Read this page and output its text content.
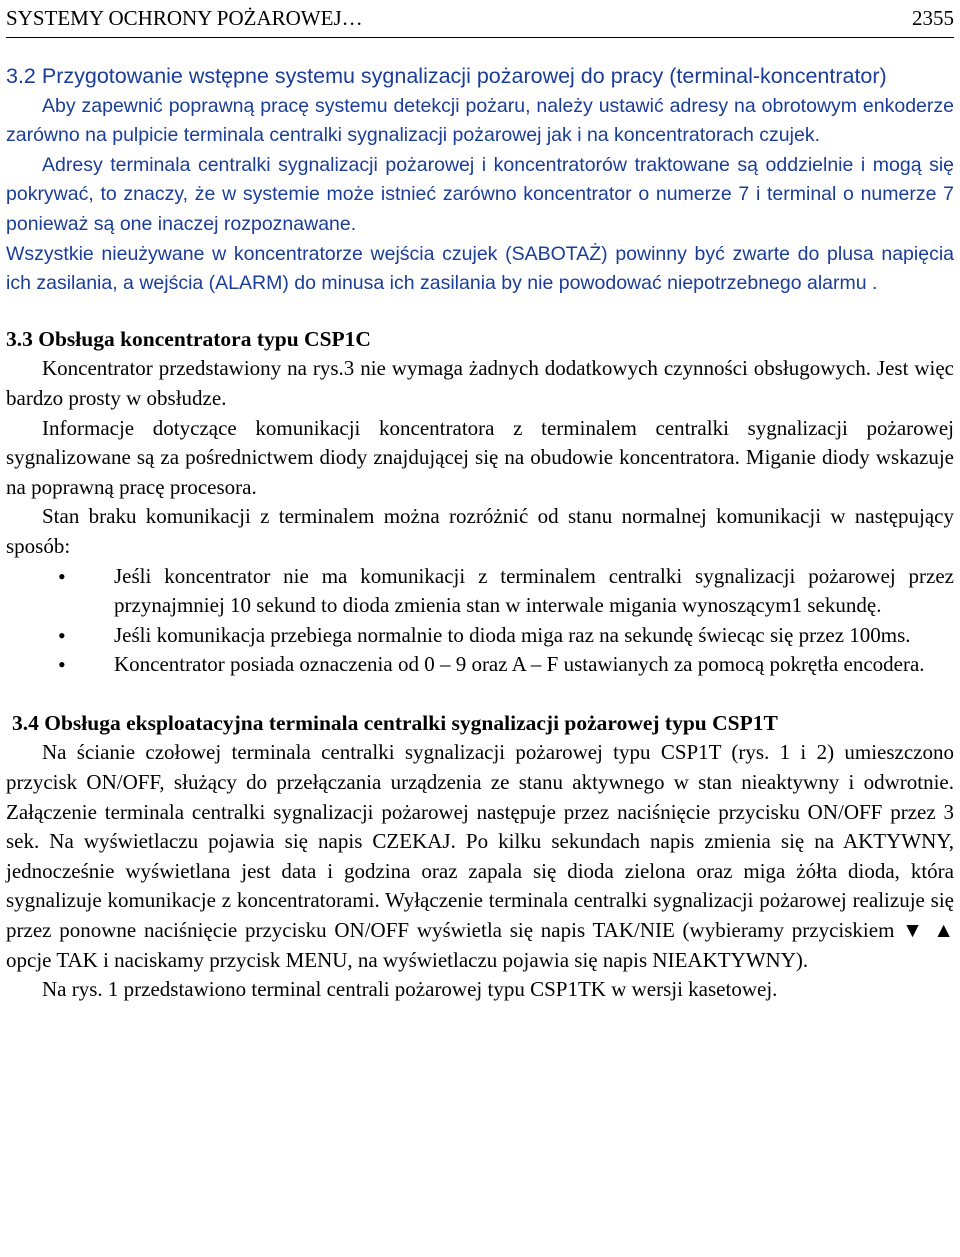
SYSTEMY OCHRONY POŻAROWEJ…	2355
3.2 Przygotowanie wstępne systemu sygnalizacji pożarowej do pracy (terminal-koncentrator)

Aby zapewnić poprawną pracę systemu detekcji pożaru, należy ustawić adresy na obrotowym enkoderze zarówno na pulpicie terminala centralki sygnalizacji pożarowej jak i na koncentratorach czujek.

Adresy terminala centralki sygnalizacji pożarowej i koncentratorów traktowane są oddzielnie i mogą się pokrywać, to znaczy, że w systemie może istnieć zarówno koncentrator o numerze 7 i terminal o numerze 7 ponieważ są one inaczej rozpoznawane.

Wszystkie nieużywane w koncentratorze wejścia czujek (SABOTAŻ) powinny być zwarte do plusa napięcia ich zasilania, a wejścia (ALARM) do minusa ich zasilania by nie powodować niepotrzebnego alarmu .

3.3 Obsługa koncentratora typu CSP1C

Koncentrator przedstawiony na rys.3 nie wymaga żadnych dodatkowych czynności obsługowych. Jest więc bardzo prosty w obsłudze.

Informacje dotyczące komunikacji koncentratora z terminalem centralki sygnalizacji pożarowej sygnalizowane są za pośrednictwem diody znajdującej się na obudowie koncentratora. Miganie diody wskazuje na poprawną pracę procesora.

Stan braku komunikacji z terminalem można rozróżnić od stanu normalnej komunikacji w następujący sposób:

• Jeśli koncentrator nie ma komunikacji z terminalem centralki sygnalizacji pożarowej przez przynajmniej 10 sekund to dioda zmienia stan w interwale migania wynoszącym1 sekundę.
• Jeśli komunikacja przebiega normalnie to dioda miga raz na sekundę świecąc się przez 100ms.
• Koncentrator posiada oznaczenia od 0 – 9 oraz A – F ustawianych za pomocą pokrętła encodera.
3.4 Obsługa eksploatacyjna terminala centralki sygnalizacji pożarowej typu CSP1T

Na ścianie czołowej terminala centralki sygnalizacji pożarowej typu CSP1T (rys. 1 i 2) umieszczono przycisk ON/OFF, służący do przełączania urządzenia ze stanu aktywnego w stan nieaktywny i odwrotnie. Załączenie terminala centralki sygnalizacji pożarowej następuje przez naciśnięcie przycisku ON/OFF przez 3 sek. Na wyświetlaczu pojawia się napis CZEKAJ. Po kilku sekundach napis zmienia się na AKTYWNY, jednocześnie wyświetlana jest data i godzina oraz zapala się dioda zielona oraz miga żółta dioda, która sygnalizuje komunikacje z koncentratorami. Wyłączenie terminala centralki sygnalizacji pożarowej realizuje się przez ponowne naciśnięcie przycisku ON/OFF wyświetla się napis TAK/NIE (wybieramy przyciskiem ▼ ▲ opcje TAK i naciskamy przycisk MENU, na wyświetlaczu pojawia się napis NIEAKTYWNY).

Na rys. 1 przedstawiono terminal centrali pożarowej typu CSP1TK w wersji kasetowej.
